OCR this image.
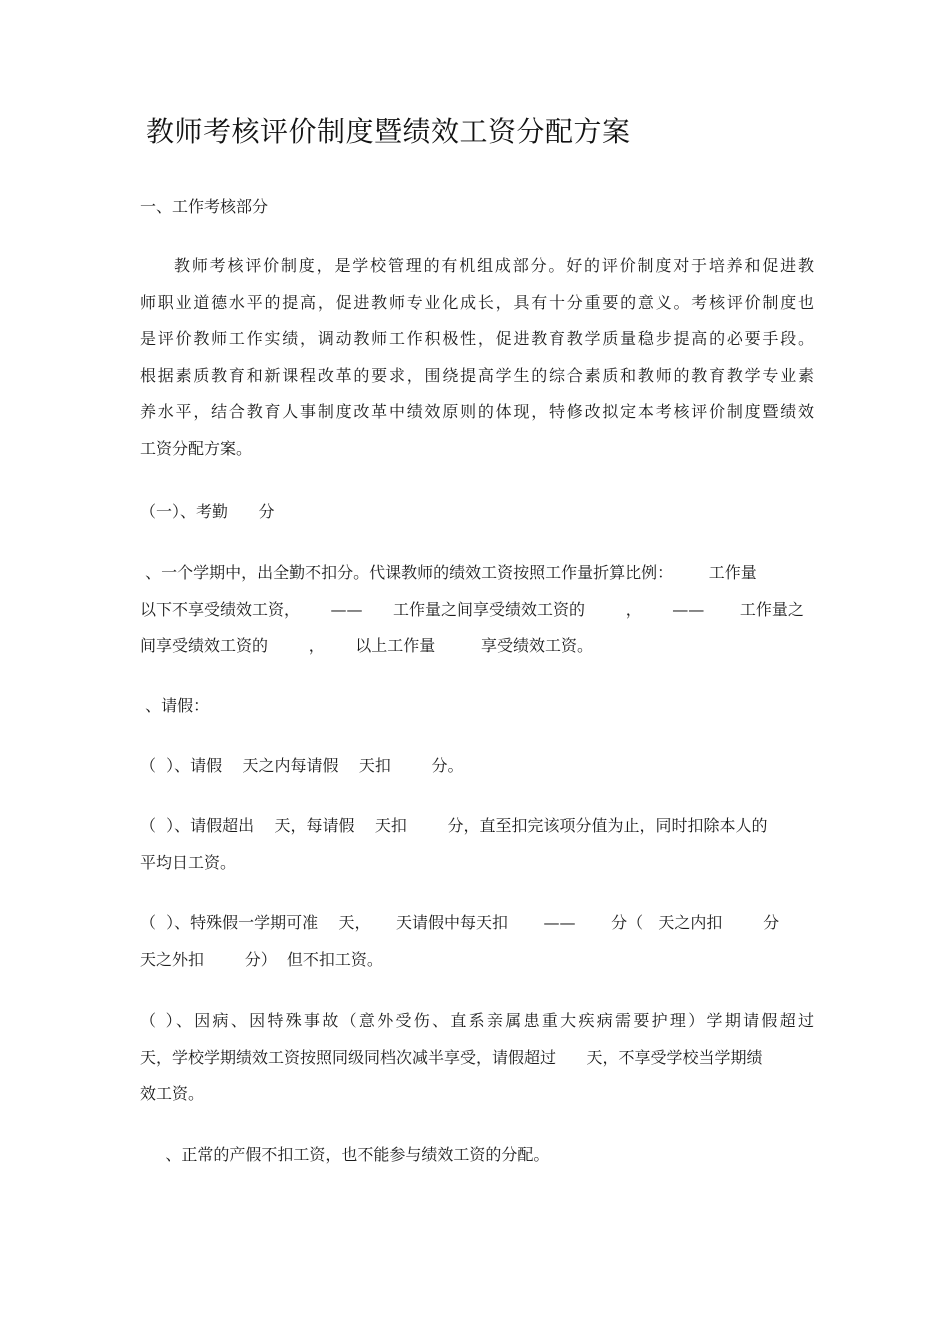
教师考核评价制度暨绩效工资分配方案
一、工作考核部分
教师考核评价制度，是学校管理的有机组成部分。好的评价制度对于培养和促进教
师职业道德水平的提高，促进教师专业化成长，具有十分重要的意义。考核评价制度也
是评价教师工作实绩，调动教师工作积极性，促进教育教学质量稳步提高的必要手段。
根据素质教育和新课程改革的要求，围绕提高学生的综合素质和教师的教育教学专业素
养水平，结合教育人事制度改革中绩效原则的体现，特修改拟定本考核评价制度暨绩效
工资分配方案。
（一）、考勤      分
、一个学期中，出全勤不扣分。代课教师的绩效工资按照工作量折算比例：       工作量
以下不享受绩效工资，      ——      工作量之间享受绩效工资的        ，      ——       工作量之
间享受绩效工资的        ，      以上工作量         享受绩效工资。
、请假：
（  ）、请假    天之内每请假    天扣        分。
（  ）、请假超出    天，每请假    天扣        分，直至扣完该项分值为止，同时扣除本人的
平均日工资。
（  ）、特殊假一学期可准    天，     天请假中每天扣       ——       分（   天之内扣        分
天之外扣        分）  但不扣工资。
（ ）、因病、因特殊事故（意外受伤、直系亲属患重大疾病需要护理）学期请假超过
天，学校学期绩效工资按照同级同档次减半享受，请假超过      天，不享受学校当学期绩
效工资。
、正常的产假不扣工资，也不能参与绩效工资的分配。
